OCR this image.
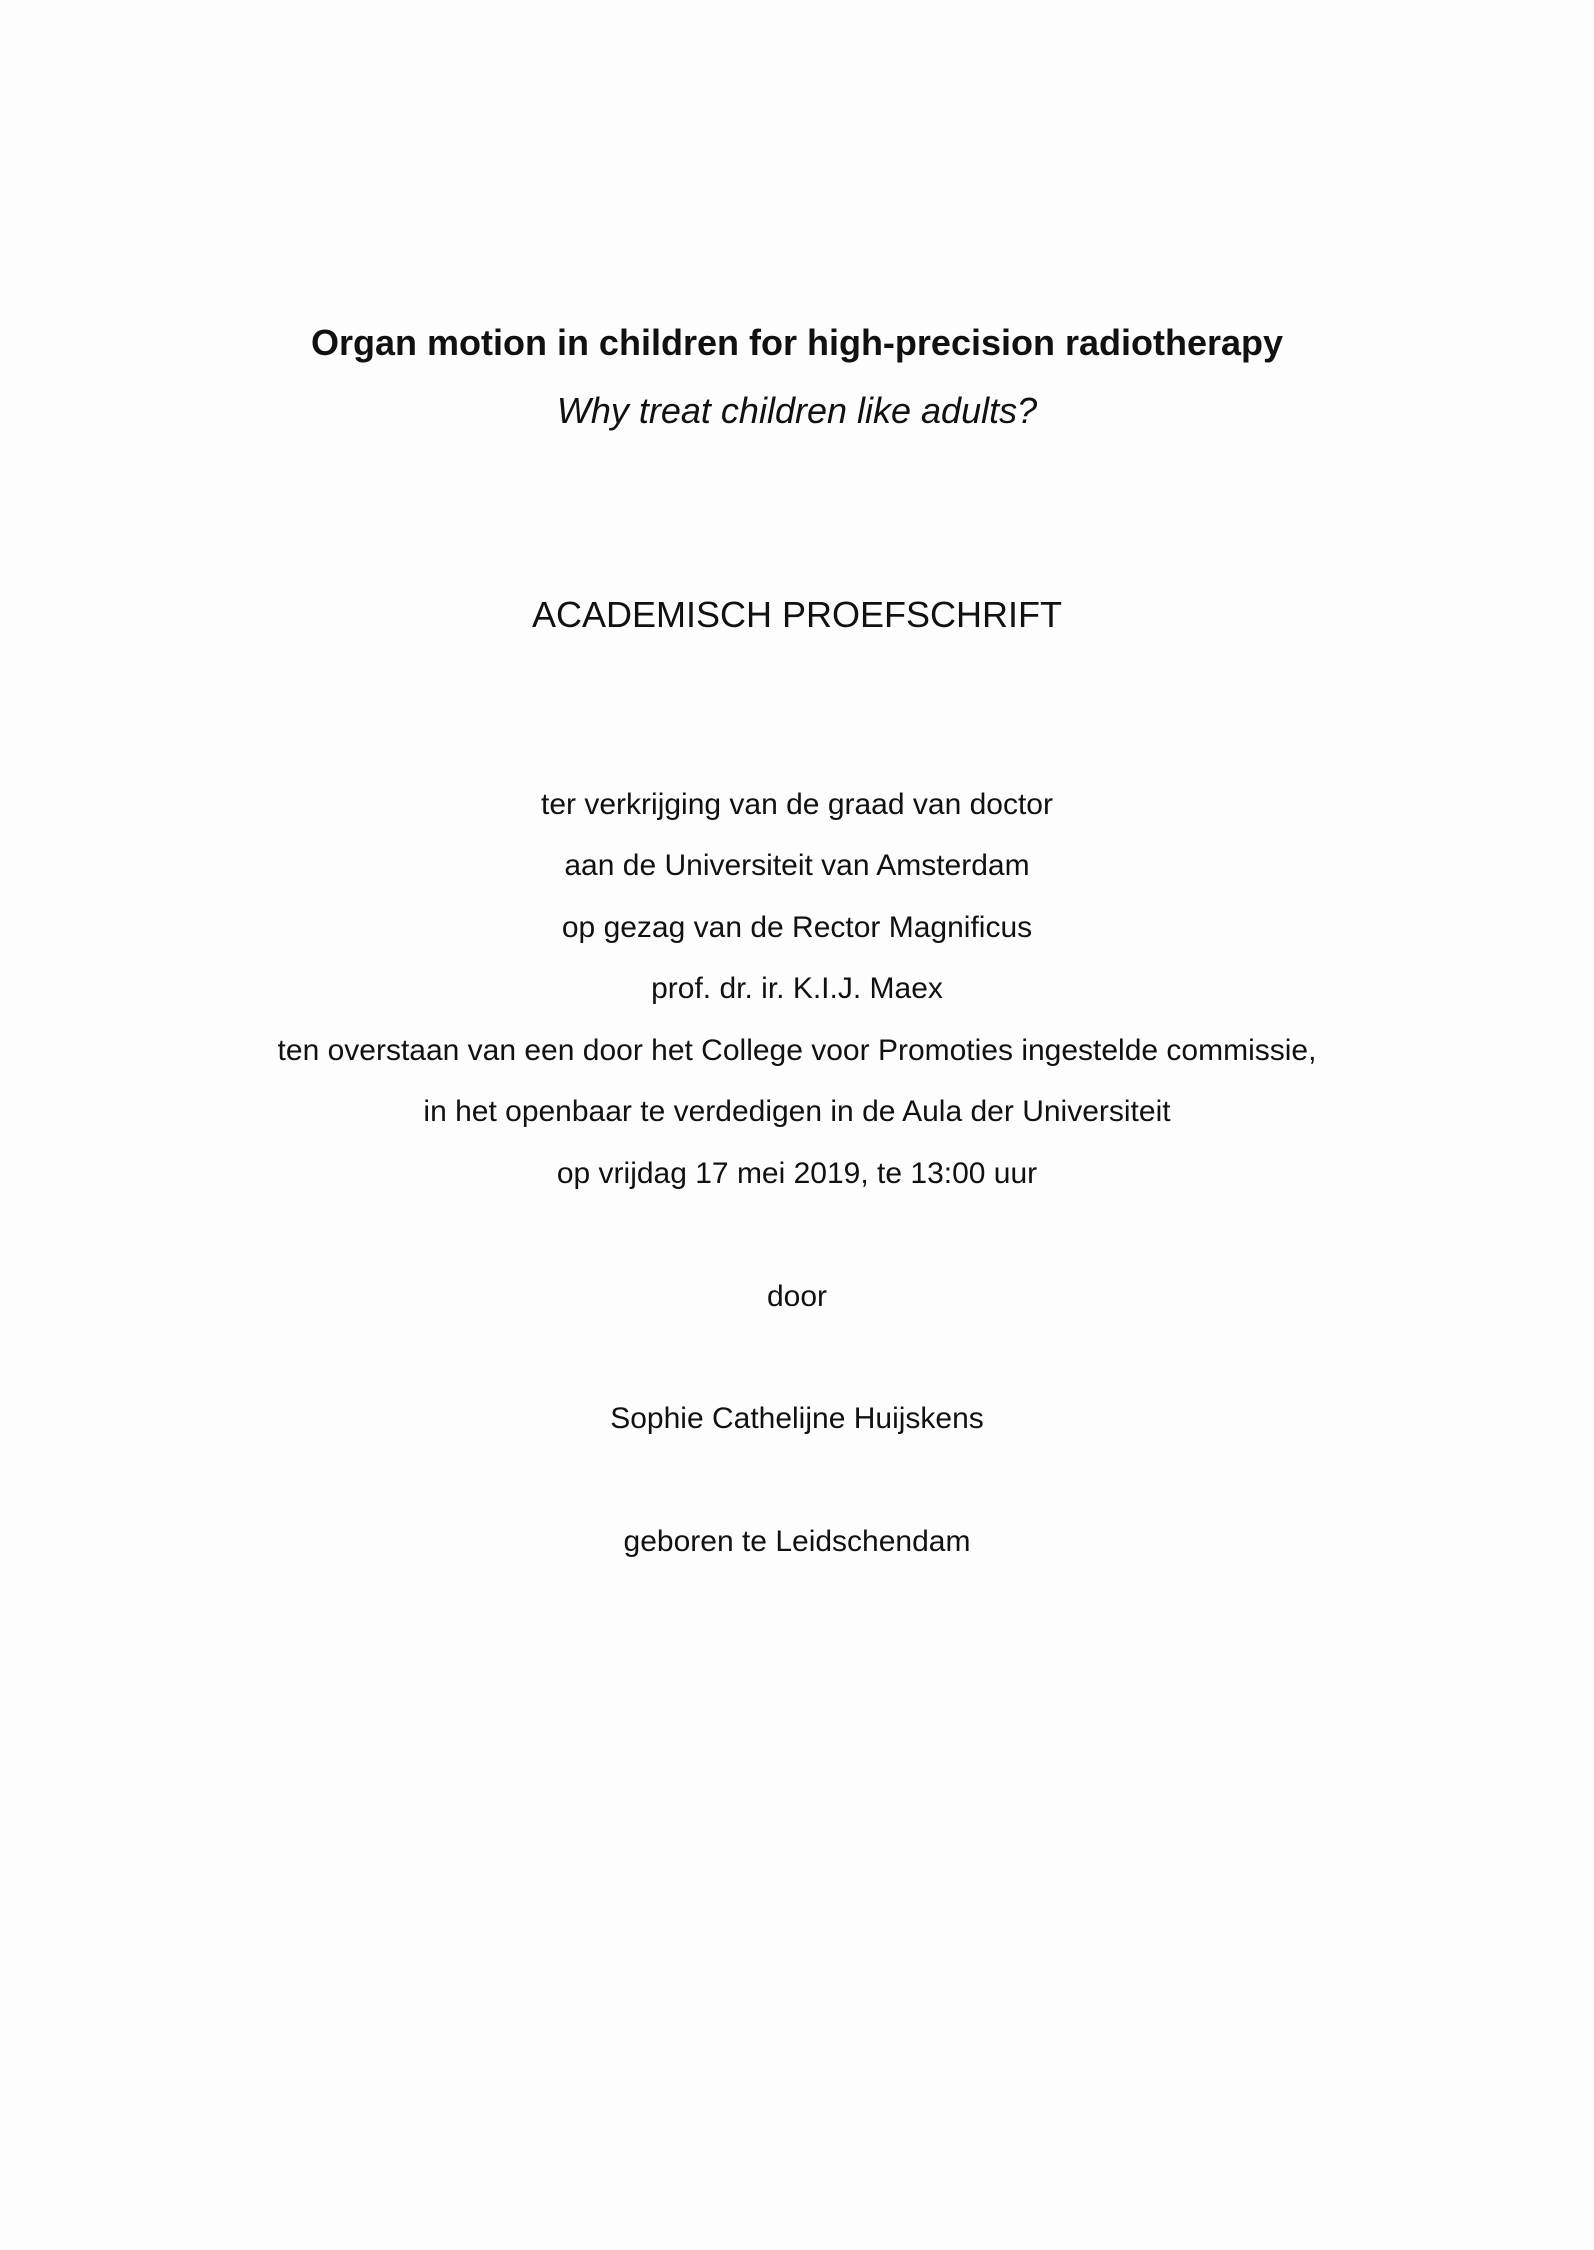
Organ motion in children for high-precision radiotherapy
Why treat children like adults?
ACADEMISCH PROEFSCHRIFT
ter verkrijging van de graad van doctor
aan de Universiteit van Amsterdam
op gezag van de Rector Magnificus
prof. dr. ir. K.I.J. Maex
ten overstaan van een door het College voor Promoties ingestelde commissie,
in het openbaar te verdedigen in de Aula der Universiteit
op vrijdag 17 mei 2019, te 13:00 uur
door
Sophie Cathelijne Huijskens
geboren te Leidschendam
